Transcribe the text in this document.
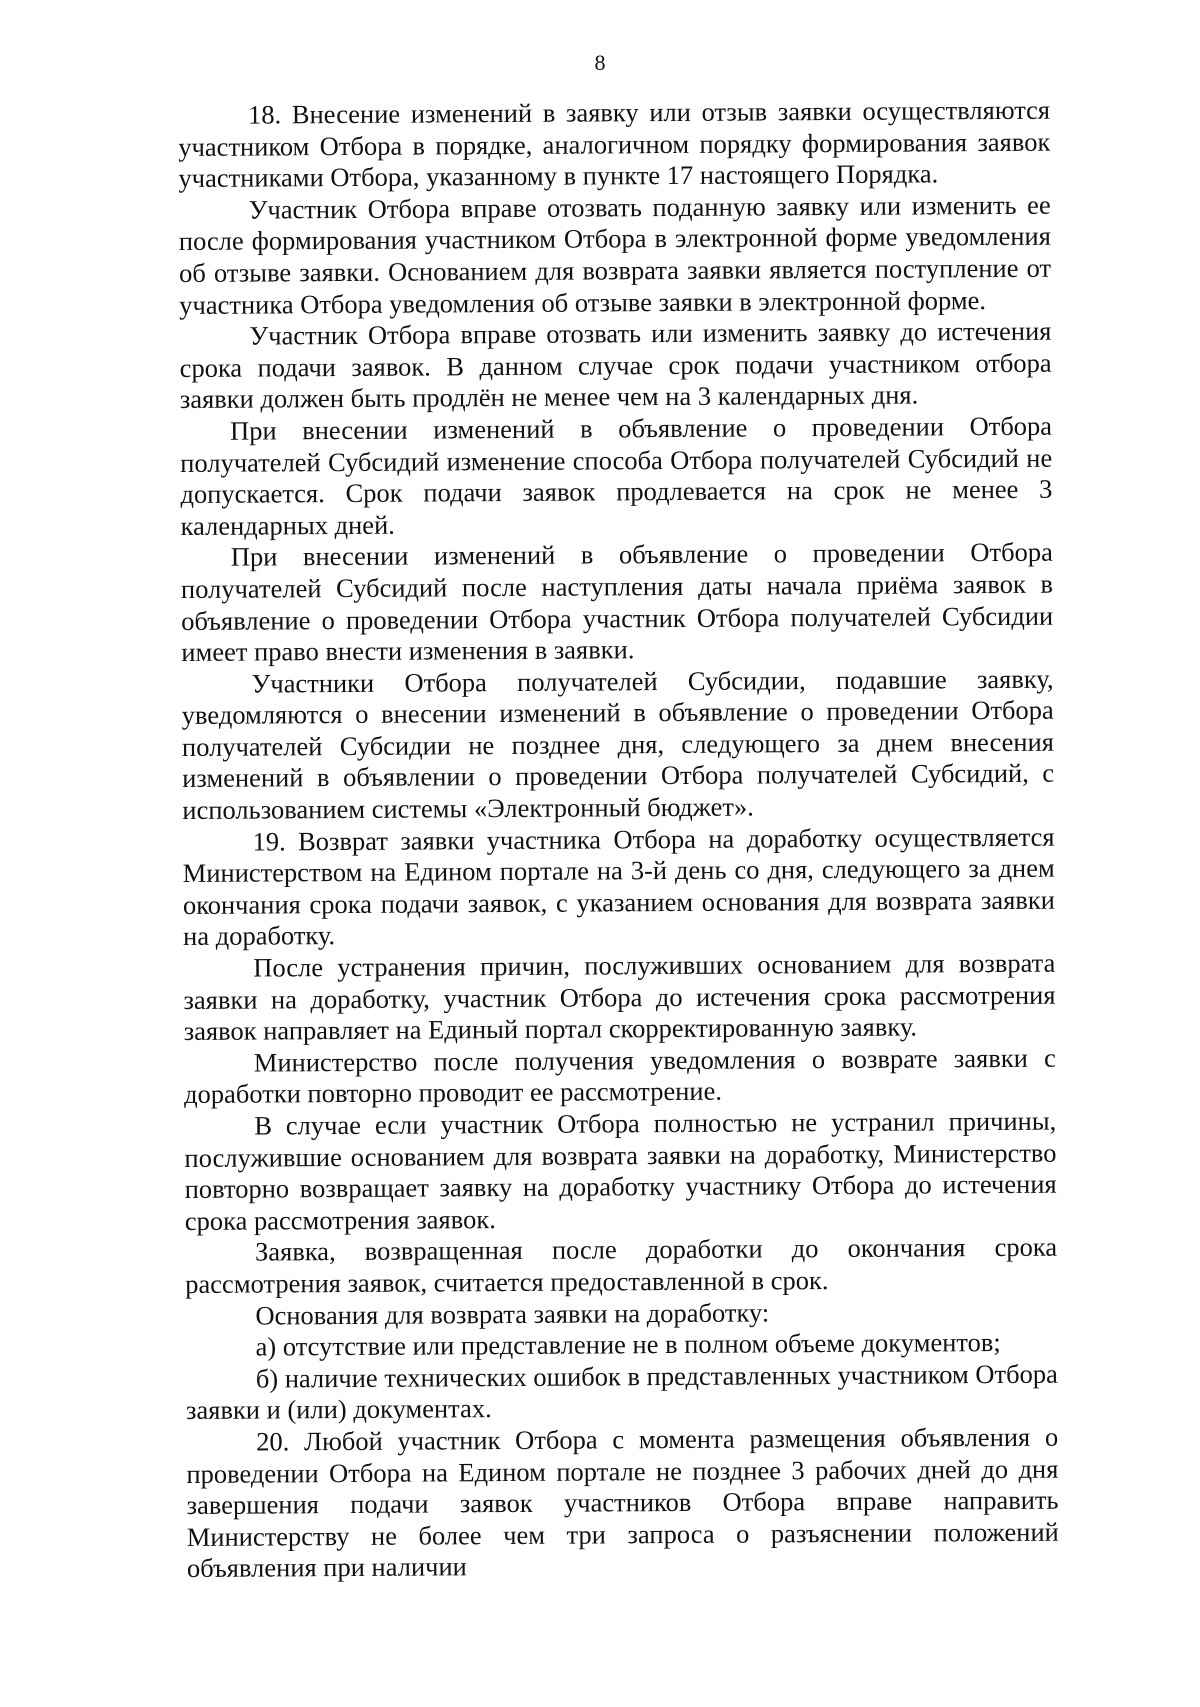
8

18. Внесение изменений в заявку или отзыв заявки осуществляются участником Отбора в порядке, аналогичном порядку формирования заявок участниками Отбора, указанному в пункте 17 настоящего Порядка.

Участник Отбора вправе отозвать поданную заявку или изменить ее после формирования участником Отбора в электронной форме уведомления об отзыве заявки. Основанием для возврата заявки является поступление от участника Отбора уведомления об отзыве заявки в электронной форме.

Участник Отбора вправе отозвать или изменить заявку до истечения срока подачи заявок. В данном случае срок подачи участником отбора заявки должен быть продлён не менее чем на 3 календарных дня.

При внесении изменений в объявление о проведении Отбора получателей Субсидий изменение способа Отбора получателей Субсидий не допускается. Срок подачи заявок продлевается на срок не менее 3 календарных дней.

При внесении изменений в объявление о проведении Отбора получателей Субсидий после наступления даты начала приёма заявок в объявление о проведении Отбора участник Отбора получателей Субсидии имеет право внести изменения в заявки.

Участники Отбора получателей Субсидии, подавшие заявку, уведомляются о внесении изменений в объявление о проведении Отбора получателей Субсидии не позднее дня, следующего за днем внесения изменений в объявлении о проведении Отбора получателей Субсидий, с использованием системы «Электронный бюджет».

19. Возврат заявки участника Отбора на доработку осуществляется Министерством на Едином портале на 3-й день со дня, следующего за днем окончания срока подачи заявок, с указанием основания для возврата заявки на доработку.

После устранения причин, послуживших основанием для возврата заявки на доработку, участник Отбора до истечения срока рассмотрения заявок направляет на Единый портал скорректированную заявку.

Министерство после получения уведомления о возврате заявки с доработки повторно проводит ее рассмотрение.

В случае если участник Отбора полностью не устранил причины, послужившие основанием для возврата заявки на доработку, Министерство повторно возвращает заявку на доработку участнику Отбора до истечения срока рассмотрения заявок.

Заявка, возвращенная после доработки до окончания срока рассмотрения заявок, считается предоставленной в срок.

Основания для возврата заявки на доработку:

а) отсутствие или представление не в полном объеме документов;

б) наличие технических ошибок в представленных участником Отбора заявки и (или) документах.

20. Любой участник Отбора с момента размещения объявления о проведении Отбора на Едином портале не позднее 3 рабочих дней до дня завершения подачи заявок участников Отбора вправе направить Министерству не более чем три запроса о разъяснении положений объявления при наличии
